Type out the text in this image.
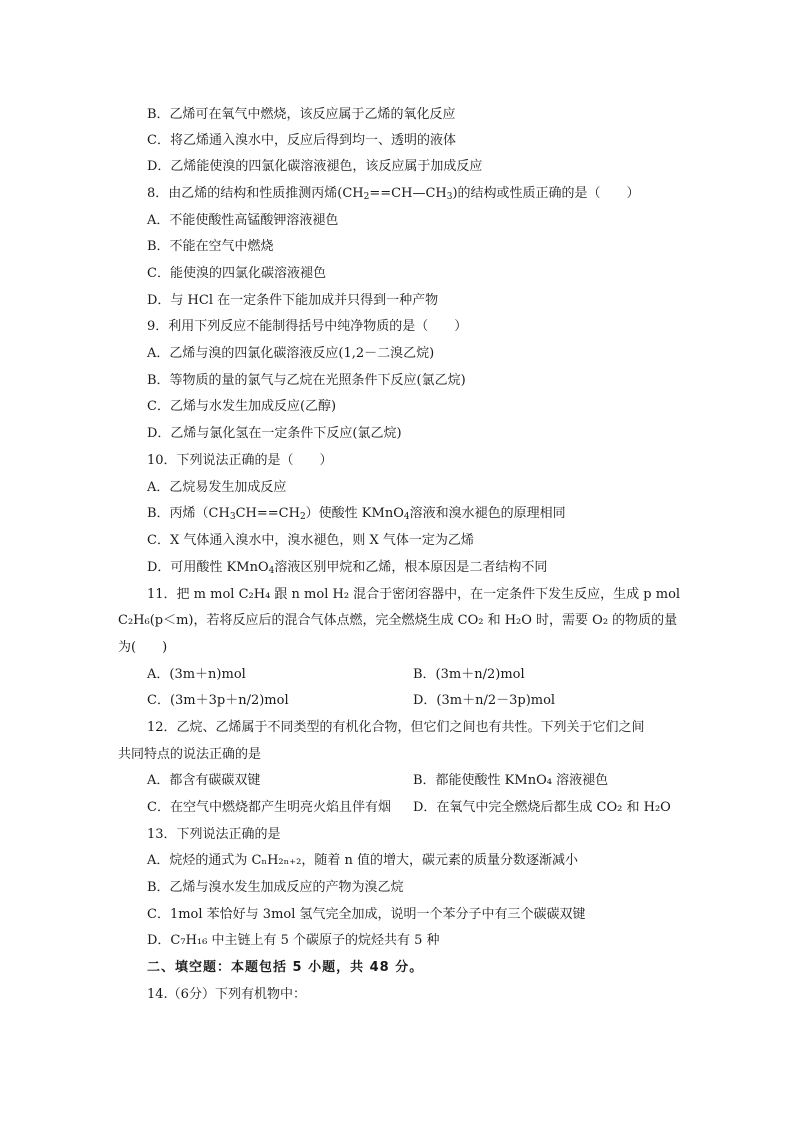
B．乙烯可在氧气中燃烧，该反应属于乙烯的氧化反应
C．将乙烯通入溴水中，反应后得到均一、透明的液体
D．乙烯能使溴的四氯化碳溶液褪色，该反应属于加成反应
8．由乙烯的结构和性质推测丙烯$(CH_2==CH—CH_3)$的结构或性质正确的是（　　）
A．不能使酸性高锰酸钾溶液褪色
B．不能在空气中燃烧
C．能使溴的四氯化碳溶液褪色
D．与 HCl 在一定条件下能加成并只得到一种产物
9．利用下列反应不能制得括号中纯净物质的是（　　）
A．乙烯与溴的四氯化碳溶液反应(1,2－二溴乙烷)
B．等物质的量的氯气与乙烷在光照条件下反应(氯乙烷)
C．乙烯与水发生加成反应(乙醇)
D．乙烯与氯化氢在一定条件下反应(氯乙烷)
10．下列说法正确的是（　　）
A．乙烷易发生加成反应
B．丙烯$(CH_3CH==CH_2)$使酸性 KMnO$_4$溶液和溴水褪色的原理相同
C．X 气体通入溴水中，溴水褪色，则 X 气体一定为乙烯
D．可用酸性 KMnO$_4$溶液区别甲烷和乙烯，根本原因是二者结构不同
11．把 m mol C₂H₄ 跟 n mol H₂ 混合于密闭容器中，在一定条件下发生反应，生成 p mol
C₂H₆(p＜m)，若将反应后的混合气体点燃，完全燃烧生成 CO₂ 和 H₂O 时，需要 O₂ 的物质的量
为(　　)
A．(3m＋n)mol	B．(3m＋n/2)mol
C．(3m＋3p＋n/2)mol	D．(3m＋n/2－3p)mol
12．乙烷、乙烯属于不同类型的有机化合物，但它们之间也有共性。下列关于它们之间
共同特点的说法正确的是
A．都含有碳碳双键	B．都能使酸性 KMnO₄ 溶液褪色
C．在空气中燃烧都产生明亮火焰且伴有烟 D．在氧气中完全燃烧后都生成 CO₂ 和 H₂O
13．下列说法正确的是
A．烷烃的通式为 CₙH₂ₙ₊₂，随着 n 值的增大，碳元素的质量分数逐渐减小
B．乙烯与溴水发生加成反应的产物为溴乙烷
C．1mol 苯恰好与 3mol 氢气完全加成，说明一个苯分子中有三个碳碳双键
D．C₇H₁₆ 中主链上有 5 个碳原子的烷烃共有 5 种
二、填空题：本题包括 5 小题，共 48 分。
14.（6分）下列有机物中：
